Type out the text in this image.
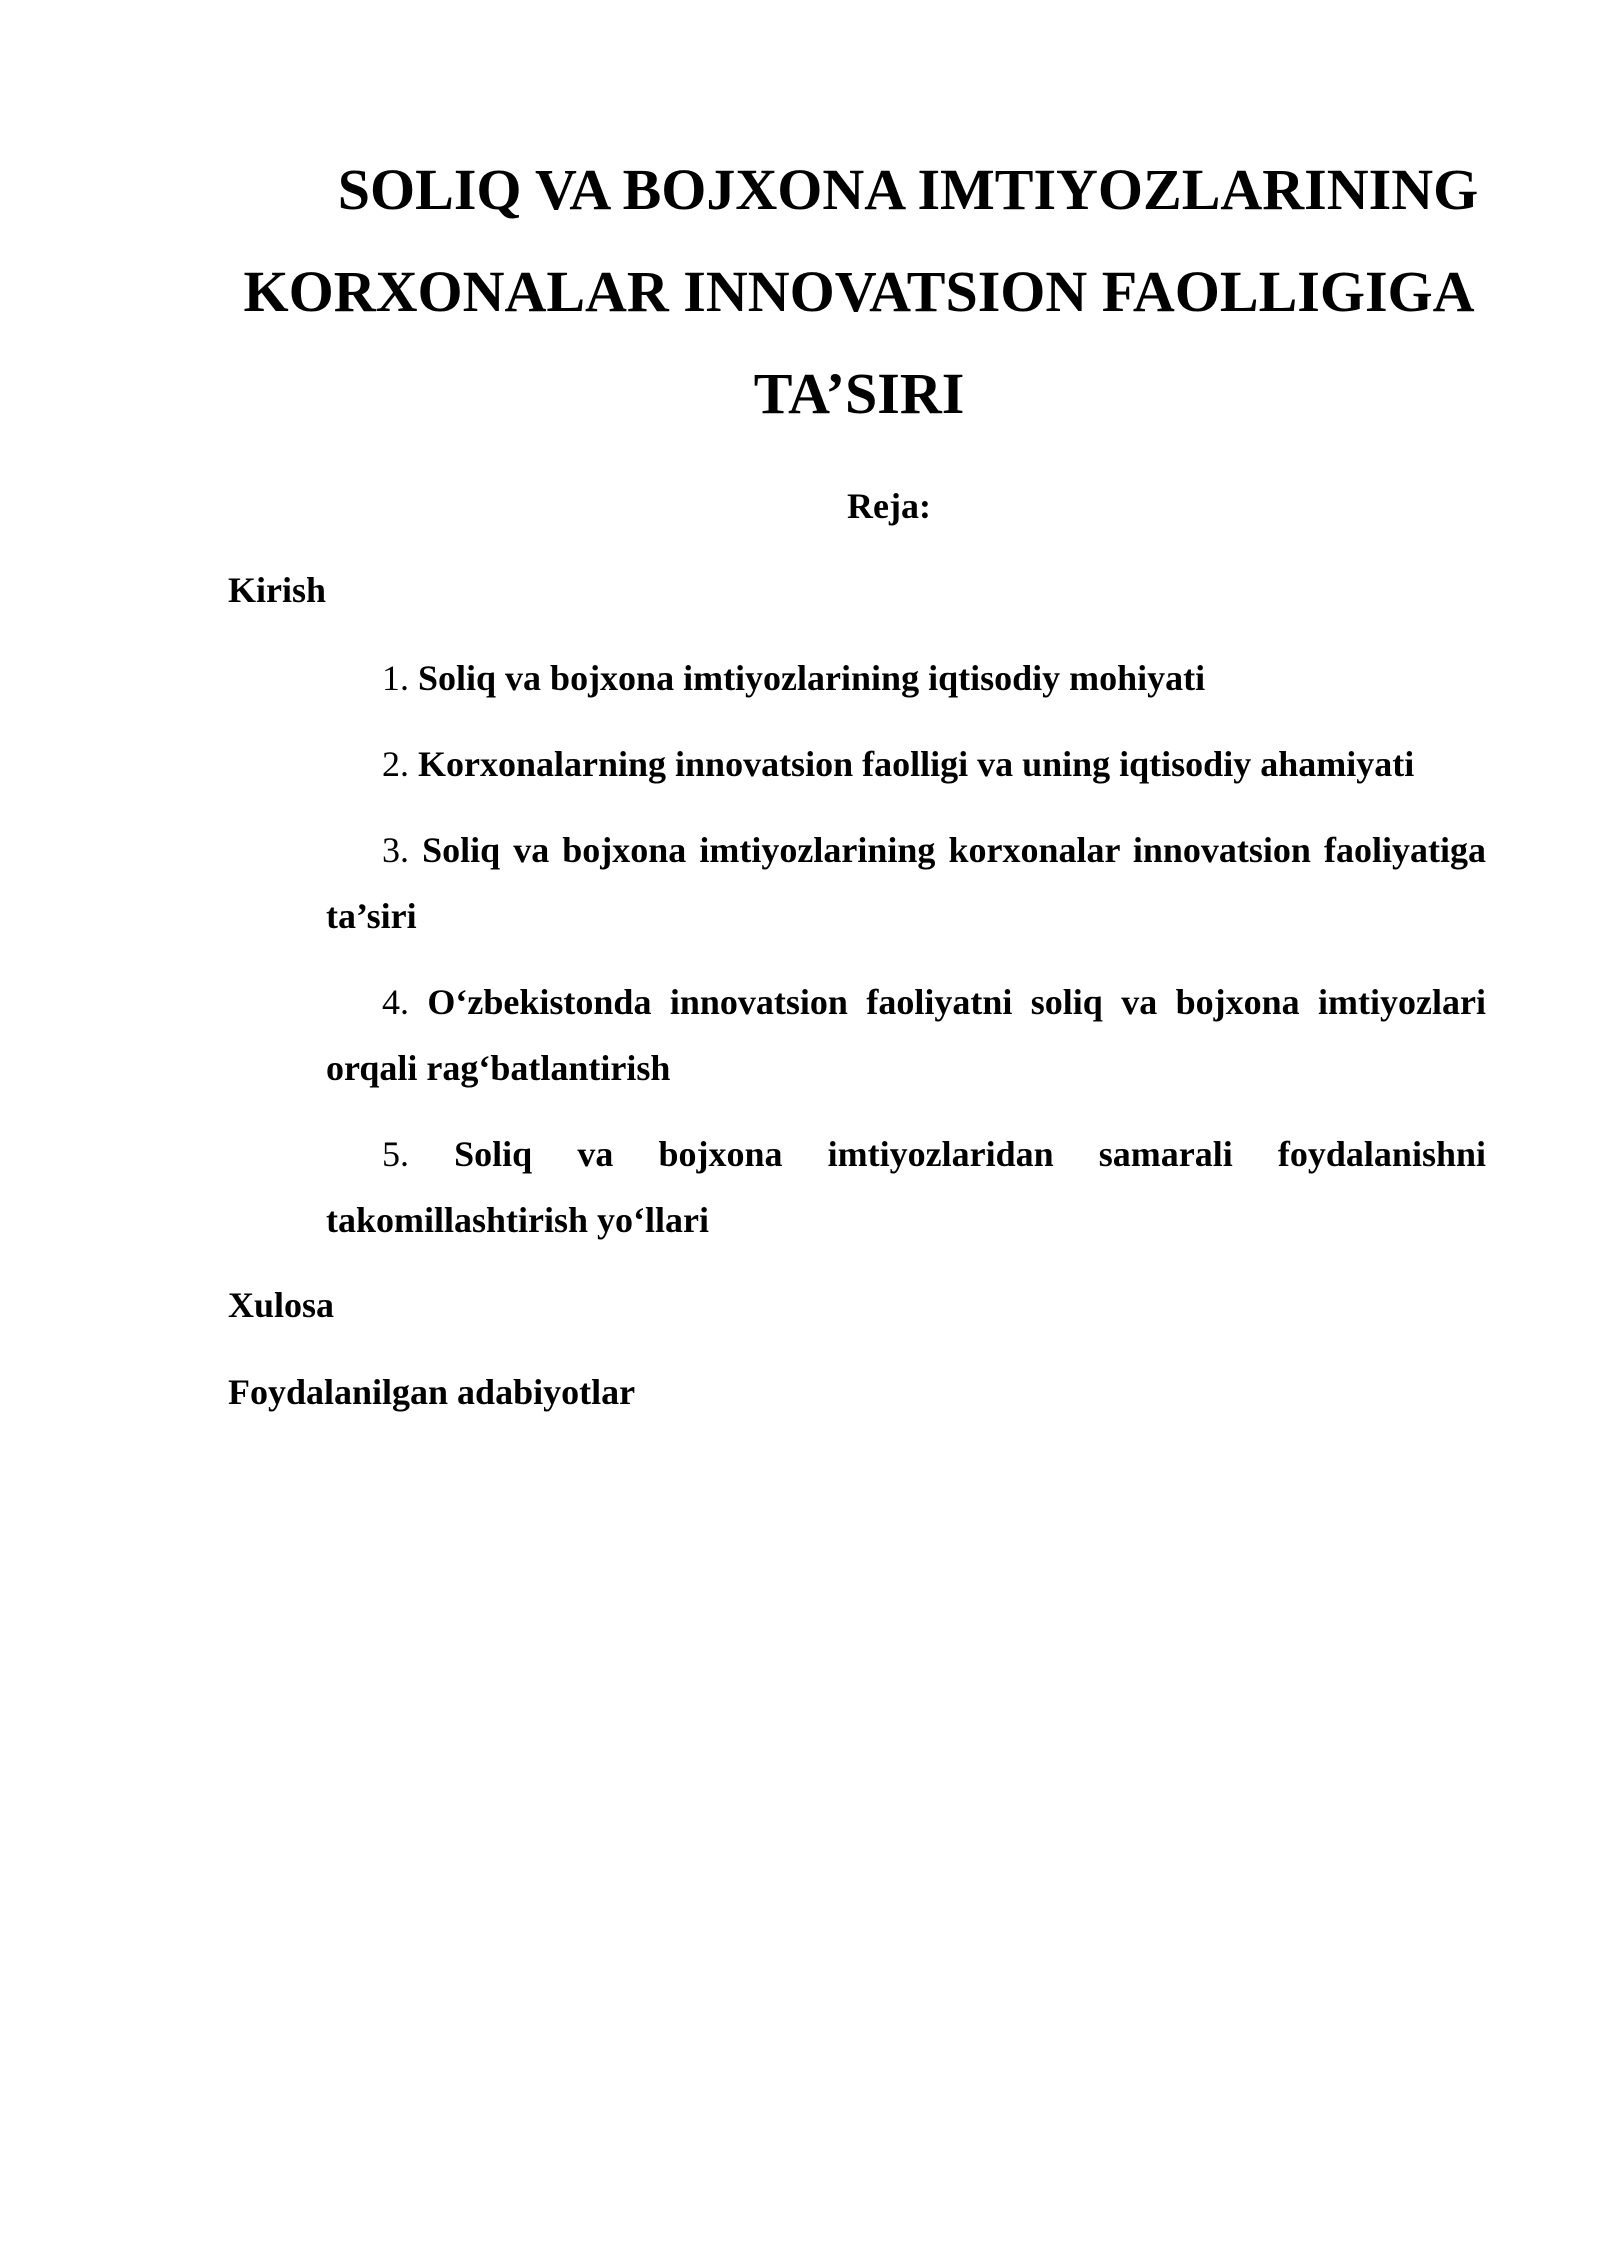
SOLIQ VA BOJXONA IMTIYOZLARINING
KORXONALAR INNOVATSION FAOLLIGIGA
TA’SIRI
Reja:

Kirish

1. Soliq va bojxona imtiyozlarining iqtisodiy mohiyati
2. Korxonalarning innovatsion faolligi va uning iqtisodiy ahamiyati
3. Soliq va bojxona imtiyozlarining korxonalar innovatsion faoliyatiga ta’siri
4. O‘zbekistonda innovatsion faoliyatni soliq va bojxona imtiyozlari orqali rag‘batlantirish
5. Soliq va bojxona imtiyozlaridan samarali foydalanishni takomillashtirish yo‘llari

Xulosa

Foydalanilgan adabiyotlar
